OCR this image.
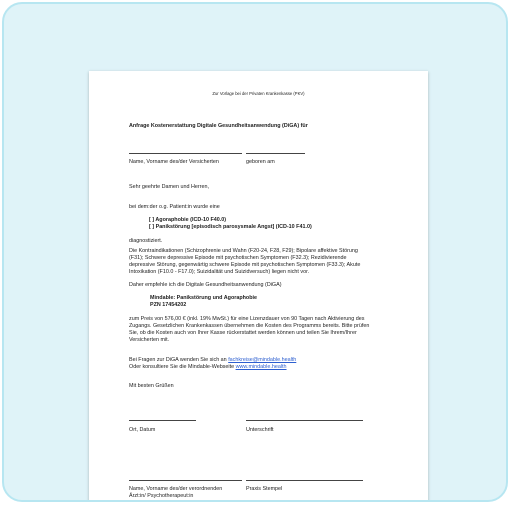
Zur Vorlage bei der Privaten Krankenkasse (PKV)
Anfrage Kostenerstattung Digitale Gesundheitsanwendung (DiGA) für
Name, Vorname des/der Versicherten	geboren am
Sehr geehrte Damen und Herren,
bei dem:der o.g. Patient:in wurde eine
[ ] Agoraphobie (ICD-10 F40.0)
[ ] Panikstörung [episodisch parosysmale Angst] (ICD-10 F41.0)
diagnostiziert.
Die Kontraindikationen (Schizophrenie und Wahn (F20-24, F28, F29); Bipolare affektive Störung
(F31); Schwere depressive Episode mit psychotischen Symptomen (F32.3); Rezidivierende
depressive Störung, gegenwärtig schwere Episode mit psychotischen Symptomen (F33.3); Akute
Intoxikation (F10.0 - F17.0); Suizidalität und Suizidversuch) liegen nicht vor.
Daher empfehle ich die Digitale Gesundheitsanwendung (DiGA)
Mindable: Panikstörung und Agoraphobie
PZN 17454202
zum Preis von 576,00 € (inkl. 19% MwSt.) für eine Lizenzdauer von 90 Tagen nach Aktivierung des
Zugangs. Gesetzlichen Krankenkassen übernehmen die Kosten des Programms bereits. Bitte prüfen
Sie, ob die Kosten auch von Ihrer Kasse rückerstattet werden können und teilen Sie Ihrem/Ihrer
Versicherten mit.
Bei Fragen zur DiGA wenden Sie sich an fachkreise@mindable.health
Oder konsultiere Sie die Mindable-Webseite www.mindable.health
Mit besten Grüßen
Ort, Datum	Unterschrift
Name, Vorname des/der verordnenden
Ärzt:in/ Psychotherapeut:in
Praxis Stempel
